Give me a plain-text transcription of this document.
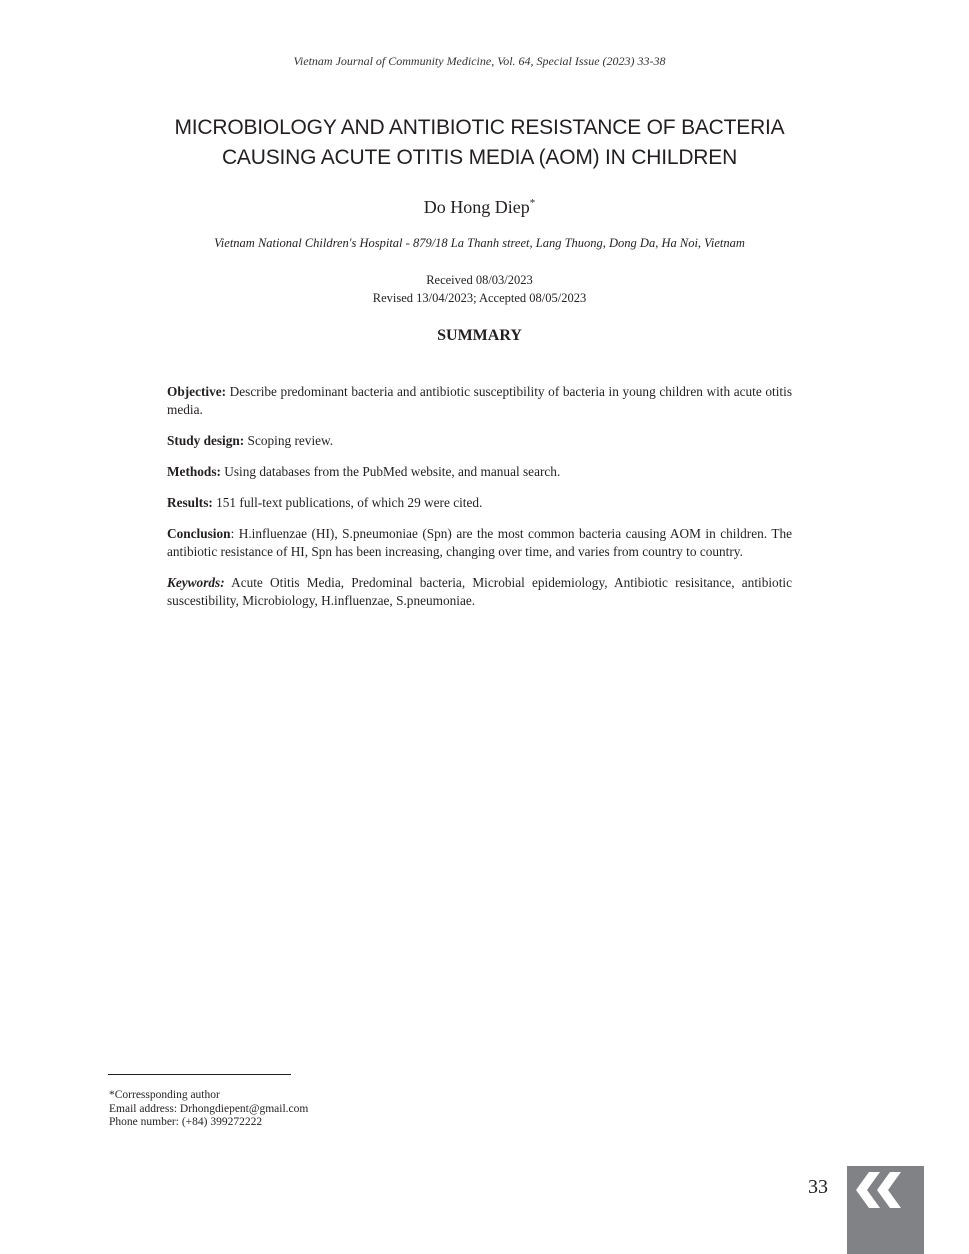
Vietnam Journal of Community Medicine, Vol. 64, Special Issue (2023) 33-38
MICROBIOLOGY AND ANTIBIOTIC RESISTANCE OF BACTERIA
CAUSING ACUTE OTITIS MEDIA (AOM) IN CHILDREN
Do Hong Diep*
Vietnam National Children's Hospital - 879/18 La Thanh street, Lang Thuong, Dong Da, Ha Noi, Vietnam
Received 08/03/2023
Revised 13/04/2023; Accepted 08/05/2023
SUMMARY

Objective: Describe predominant bacteria and antibiotic susceptibility of bacteria in young children with acute otitis media.

Study design: Scoping review.

Methods: Using databases from the PubMed website, and manual search.

Results: 151 full-text publications, of which 29 were cited.

Conclusion: H.influenzae (HI), S.pneumoniae (Spn) are the most common bacteria causing AOM in children. The antibiotic resistance of HI, Spn has been increasing, changing over time, and varies from country to country.

Keywords: Acute Otitis Media, Predominal bacteria, Microbial epidemiology, Antibiotic resisitance, antibiotic suscestibility, Microbiology, H.influenzae, S.pneumoniae.

*Corressponding author
Email address: Drhongdiepent@gmail.com
Phone number: (+84) 399272222
33
